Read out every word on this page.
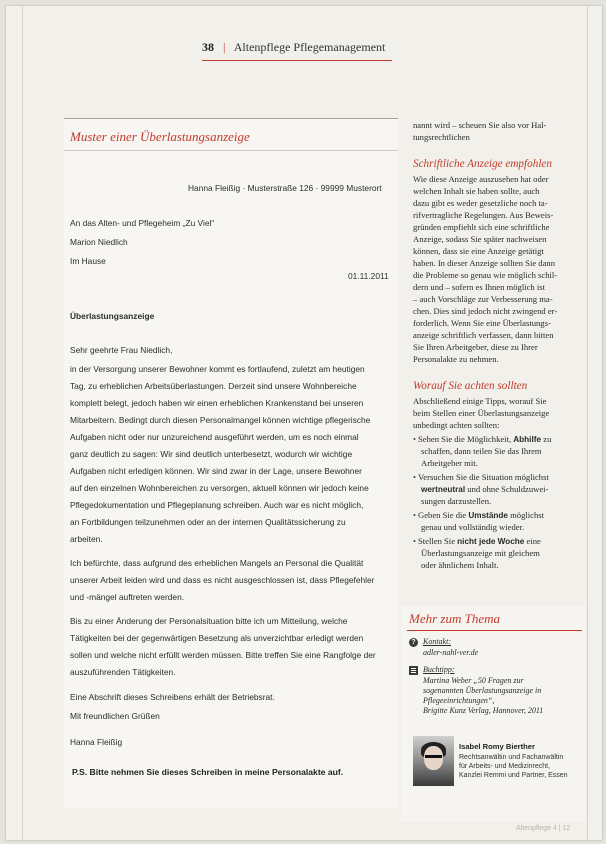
38 | Altenpflege Pflegemanagement
Muster einer Überlastungsanzeige
Hanna Fleißig · Musterstraße 126 · 99999 Musterort
An das Alten- und Pflegeheim „Zu Viel“
Marion Niedlich
Im Hause
01.11.2011
Überlastungsanzeige
Sehr geehrte Frau Niedlich,
in der Versorgung unserer Bewohner kommt es fortlaufend, zuletzt am heutigen
Tag, zu erheblichen Arbeitsüberlastungen. Derzeit sind unsere Wohnbereiche
komplett belegt, jedoch haben wir einen erheblichen Krankenstand bei unseren
Mitarbeitern. Bedingt durch diesen Personalmangel können wichtige pflegerische
Aufgaben nicht oder nur unzureichend ausgeführt werden, um es noch einmal
ganz deutlich zu sagen: Wir sind deutlich unterbesetzt, wodurch wir wichtige
Aufgaben nicht erledigen können. Wir sind zwar in der Lage, unsere Bewohner
auf den einzelnen Wohnbereichen zu versorgen, aktuell können wir jedoch keine
Pflegedokumentation und Pflegeplanung schreiben. Auch war es nicht möglich,
an Fortbildungen teilzunehmen oder an der internen Qualitätssicherung zu
arbeiten.
Ich befürchte, dass aufgrund des erheblichen Mangels an Personal die Qualität
unserer Arbeit leiden wird und dass es nicht ausgeschlossen ist, dass Pflegefehler
und -mängel auftreten werden.
Bis zu einer Änderung der Personalsituation bitte ich um Mitteilung, welche
Tätigkeiten bei der gegenwärtigen Besetzung als unverzichtbar erledigt werden
sollen und welche nicht erfüllt werden müssen. Bitte treffen Sie eine Rangfolge der
auszuführenden Tätigkeiten.
Eine Abschrift dieses Schreibens erhält der Betriebsrat.
Mit freundlichen Grüßen
Hanna Fleißig
P.S. Bitte nehmen Sie dieses Schreiben in meine Personalakte auf.
nannt wird – scheuen Sie also vor Hal-
tungsrechtlichen
Schriftliche Anzeige empfohlen
Wie diese Anzeige auszusehen hat oder
welchen Inhalt sie haben sollte, auch
dazu gibt es weder gesetzliche noch ta-
rifvertragliche Regelungen. Aus Beweis-
gründen empfiehlt sich eine schriftliche
Anzeige, sodass Sie später nachweisen
können, dass sie eine Anzeige getätigt
haben. In dieser Anzeige sollten Sie dann
die Probleme so genau wie möglich schil-
dern und – sofern es Ihnen möglich ist
– auch Vorschläge zur Verbesserung ma-
chen. Dies sind jedoch nicht zwingend er-
forderlich. Wenn Sie eine Überlastungs-
anzeige schriftlich verfassen, dann bitten
Sie Ihren Arbeitgeber, diese zu Ihrer
Personalakte zu nehmen.
Worauf Sie achten sollten
Abschließend einige Tipps, worauf Sie
beim Stellen einer Überlastungsanzeige
unbedingt achten sollten:
• Sehen Sie die Möglichkeit, Abhilfe zu
schaffen, dann teilen Sie das Ihrem
Arbeitgeber mit.
• Versuchen Sie die Situation möglichst
wertneutral und ohne Schuldzuwei-
sungen darzustellen.
• Geben Sie die Umstände möglichst
genau und vollständig wieder.
• Stellen Sie nicht jede Woche eine
Überlastungsanzeige mit gleichem
oder ähnlichem Inhalt.
Mehr zum Thema
? Kontakt:
adler-nahl-ver.de
Buchtipp:
Martina Weber „50 Fragen zur
sogenannten Überlastungsanzeige in
Pflegeeinrichtungen“,
Brigitte Kunz Verlag, Hannover, 2011
Isabel Romy Bierther
Rechtsanwältin und Fachanwältin
für Arbeits- und Medizinrecht,
Kanzlei Remmi und Partner, Essen
Altenpflege 4 | 12
